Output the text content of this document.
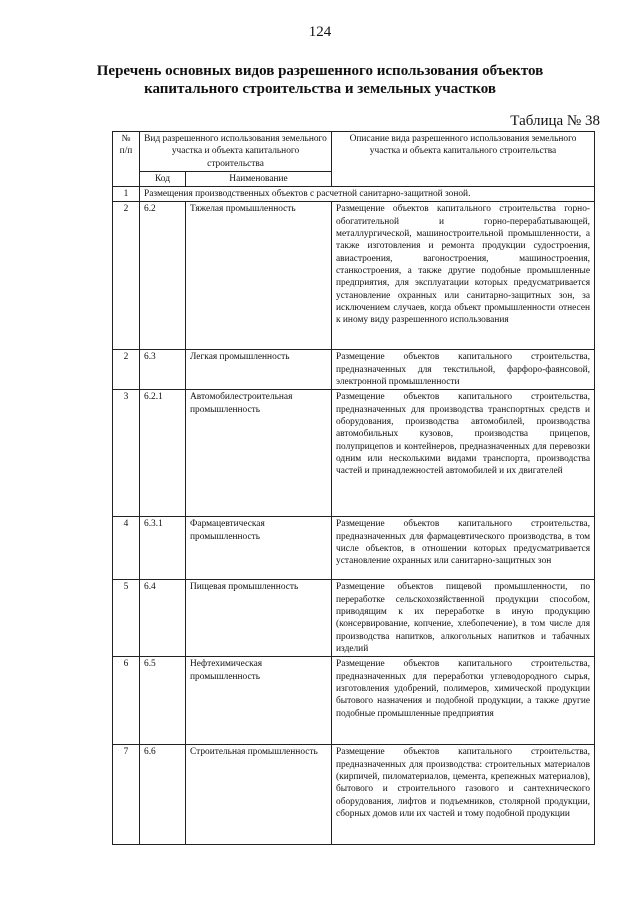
124
Перечень основных видов разрешенного использования объектов
капитального строительства и земельных участков
Таблица № 38
№ п/п	Вид разрешенного использования земельного участка и объекта капитального строительства		Описание вида разрешенного использования земельного участка и объекта капитального строительства
	Код	Наименование	
1	Размещения производственных объектов с расчетной санитарно-защитной зоной.		
2	6.2	Тяжелая промышленность	Размещение объектов капитального строительства горно-обогатительной и горно-перерабатывающей, металлургической, машиностроительной промышленности, а также изготовления и ремонта продукции судостроения, авиастроения, вагоностроения, машиностроения, станкостроения, а также другие подобные промышленные предприятия, для эксплуатации которых предусматривается установление охранных или санитарно-защитных зон, за исключением случаев, когда объект промышленности отнесен к иному виду разрешенного использования
2	6.3	Легкая промышленность	Размещение объектов капитального строительства, предназначенных для текстильной, фарфоро-фаянсовой, электронной промышленности
3	6.2.1	Автомобилестроительная промышленность	Размещение объектов капитального строительства, предназначенных для производства транспортных средств и оборудования, производства автомобилей, производства автомобильных кузовов, производства прицепов, полуприцепов и контейнеров, предназначенных для перевозки одним или несколькими видами транспорта, производства частей и принадлежностей автомобилей и их двигателей
4	6.3.1	Фармацевтическая промышленность	Размещение объектов капитального строительства, предназначенных для фармацевтического производства, в том числе объектов, в отношении которых предусматривается установление охранных или санитарно-защитных зон
5	6.4	Пищевая промышленность	Размещение объектов пищевой промышленности, по переработке сельскохозяйственной продукции способом, приводящим к их переработке в иную продукцию (консервирование, копчение, хлебопечение), в том числе для производства напитков, алкогольных напитков и табачных изделий
6	6.5	Нефтехимическая промышленность	Размещение объектов капитального строительства, предназначенных для переработки углеводородного сырья, изготовления удобрений, полимеров, химической продукции бытового назначения и подобной продукции, а также другие подобные промышленные предприятия
7	6.6	Строительная промышленность	Размещение объектов капитального строительства, предназначенных для производства: строительных материалов (кирпичей, пиломатериалов, цемента, крепежных материалов), бытового и строительного газового и сантехнического оборудования, лифтов и подъемников, столярной продукции, сборных домов или их частей и тому подобной продукции
